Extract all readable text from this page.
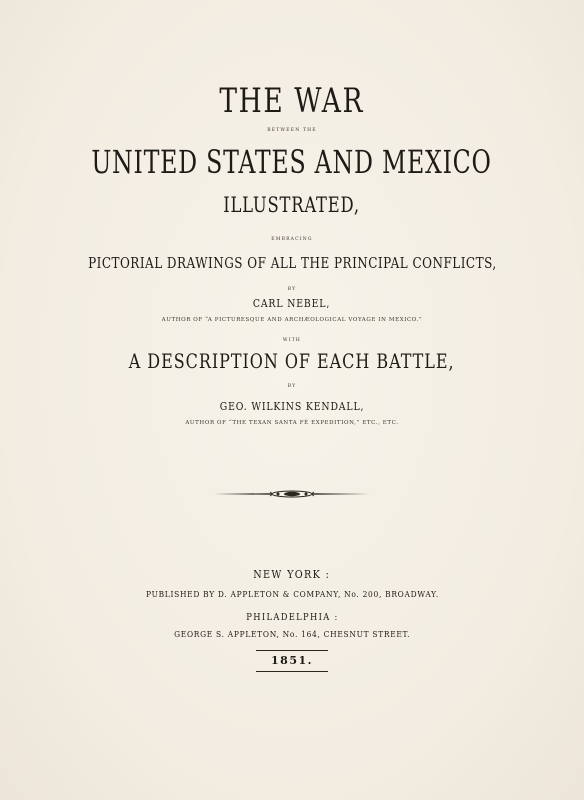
THE WAR
BETWEEN THE
UNITED STATES AND MEXICO
ILLUSTRATED,
EMBRACING
PICTORIAL DRAWINGS OF ALL THE PRINCIPAL CONFLICTS,
BY
CARL NEBEL,
AUTHOR OF “A PICTURESQUE AND ARCHÆOLOGICAL VOYAGE IN MEXICO.”
WITH
A DESCRIPTION OF EACH BATTLE,
BY
GEO. WILKINS KENDALL,
AUTHOR OF “THE TEXAN SANTA FÉ EXPEDITION,” ETC., ETC.
NEW YORK :
PUBLISHED BY D. APPLETON & COMPANY, No. 200, BROADWAY.
PHILADELPHIA :
GEORGE S. APPLETON, No. 164, CHESNUT STREET.
1851.
